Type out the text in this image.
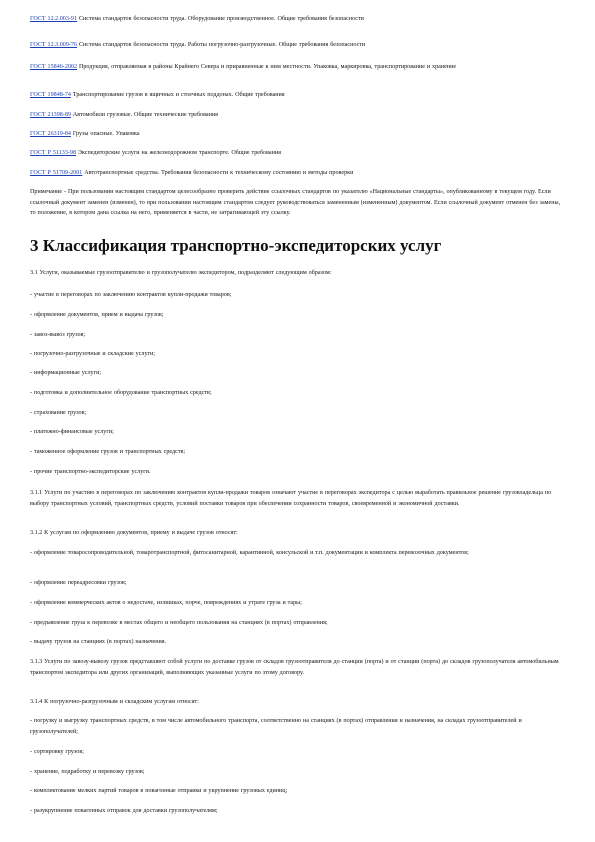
ГОСТ 12.2.003-91 Система стандартов безопасности труда. Оборудование производственное. Общие требования безопасности

ГОСТ 12.3.009-76 Система стандартов безопасности труда. Работы погрузочно-разгрузочные. Общие требования безопасности

ГОСТ 15846-2002 Продукция, отправляемая в районы Крайнего Севера и приравненные к ним местности. Упаковка, маркировка, транспортирование и хранение

ГОСТ 19848-74 Транспортирование грузов в ящичных и стоечных поддонах. Общие требования

ГОСТ 21398-89 Автомобили грузовые. Общие технические требования

ГОСТ 26319-84 Грузы опасные. Упаковка

ГОСТ Р 51133-98 Экспедиторские услуги на железнодорожном транспорте. Общие требования

ГОСТ Р 51709-2001 Автотранспортные средства. Требования безопасности к техническому состоянию и методы проверки

Примечание - При пользовании настоящим стандартом целесообразно проверить действие ссылочных стандартов по указателю «Национальные стандарты», опубликованному в текущем году. Если ссылочный документ заменен (изменен), то при пользовании настоящим стандартом следует руководствоваться замененным (измененным) документом. Если ссылочный документ отменен без замены, то положение, в котором дана ссылка на него, применяется в части, не затрагивающей эту ссылку.

3 Классификация транспортно-экспедиторских услуг

3.1 Услуги, оказываемые грузоотправителю и грузополучателю экспедитором, подразделяют следующим образом:

- участие в переговорах по заключению контрактов купли-продажи товаров;

- оформление документов, прием и выдача грузов;

- завоз-вывоз грузов;

- погрузочно-разгрузочные и складские услуги;

- информационные услуги;

- подготовка и дополнительное оборудование транспортных средств;

- страхование грузов;

- платежно-финансовые услуги;

- таможенное оформление грузов и транспортных средств;

- прочие транспортно-экспедиторские услуги.

3.1.1 Услуги по участию в переговорах по заключению контрактов купли-продажи товаров означают участие в переговорах экспедитора с целью выработать правильное решение грузовладельца по выбору транспортных условий, транспортных средств, условий поставки товаров при обеспечении сохранности товаров, своевременной и экономичной доставки.

3.1.2 К услугам по оформлению документов, приему и выдаче грузов относят:

- оформление товаросопроводительной, товаротранспортной, фитосанитарной, карантинной, консульской и т.п. документации и комплекта перевозочных документов;

- оформление переадресовки грузов;

- оформление коммерческих актов о недостаче, излишках, порче, повреждениях и утрате груза и тары;

- предъявление груза к перевозке в местах общего и необщего пользования на станциях (в портах) отправления;

- выдачу грузов на станциях (в портах) назначения.

3.1.3 Услуги по завозу-вывозу грузов представляют собой услуги по доставке грузов от складов грузоотправителя до станции (порта) и от станции (порта) до складов грузополучателя автомобильным транспортом экспедитора или других организаций, выполняющих указанные услуги по этому договору.

3.1.4 К погрузочно-разгрузочным и складским услугам относят:

- погрузку и выгрузку транспортных средств, в том числе автомобильного транспорта, соответственно на станциях (в портах) отправления и назначения, на складах грузоотправителей и грузополучателей;

- сортировку грузов;

- хранение, подработку и перевозку грузов;

- комплектование мелких партий товаров в повагонные отправки и укрупнение грузовых единиц;

- разукрупнение повагонных отправок для доставки грузополучателям;
